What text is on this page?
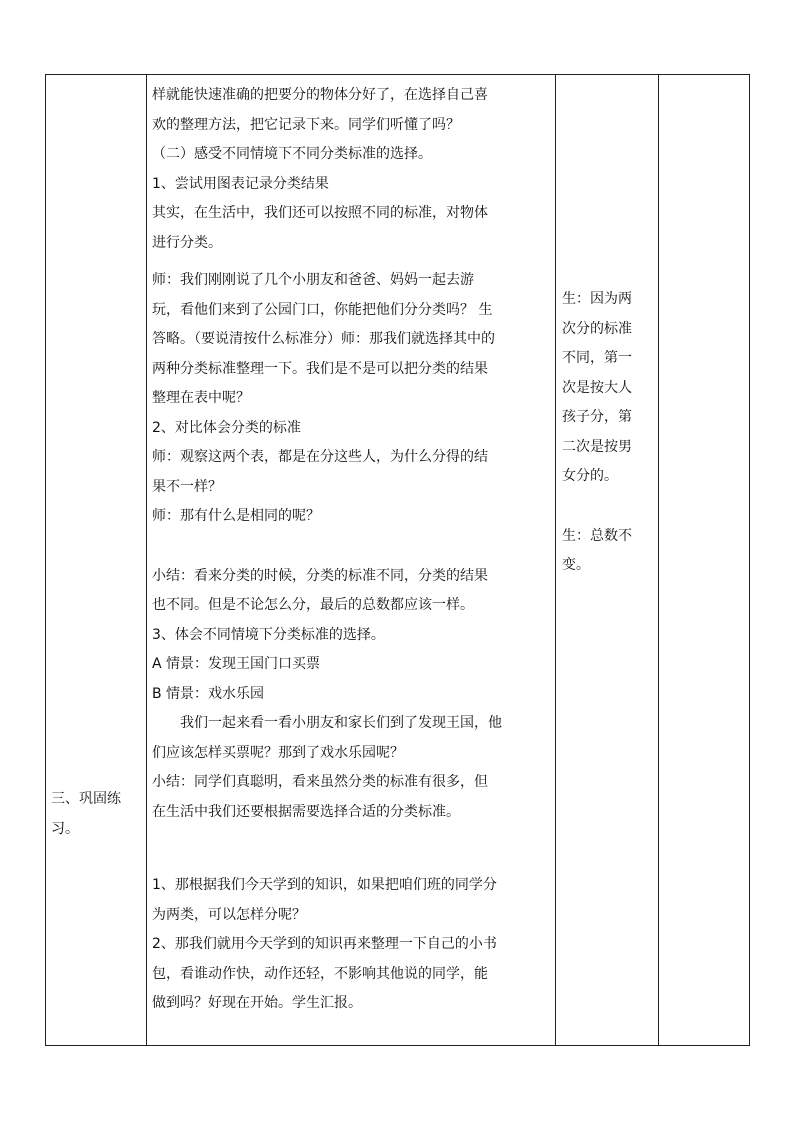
三、巩固练
习。
样就能快速准确的把要分的物体分好了，在选择自己喜
欢的整理方法，把它记录下来。同学们听懂了吗？
（二）感受不同情境下不同分类标准的选择。
1、尝试用图表记录分类结果
其实，在生活中，我们还可以按照不同的标准，对物体
进行分类。
师：我们刚刚说了几个小朋友和爸爸、妈妈一起去游
玩，看他们来到了公园门口，你能把他们分分类吗？ 生
答略。（要说清按什么标准分）师：那我们就选择其中的
两种分类标准整理一下。我们是不是可以把分类的结果
整理在表中呢？
2、对比体会分类的标准
师：观察这两个表，都是在分这些人，为什么分得的结
果不一样？
师：那有什么是相同的呢？
小结：看来分类的时候，分类的标准不同，分类的结果
也不同。但是不论怎么分，最后的总数都应该一样。
3、体会不同情境下分类标准的选择。
A 情景：发现王国门口买票
B 情景：戏水乐园
我们一起来看一看小朋友和家长们到了发现王国，他
们应该怎样买票呢？那到了戏水乐园呢？
小结：同学们真聪明，看来虽然分类的标准有很多，但
在生活中我们还要根据需要选择合适的分类标准。
1、那根据我们今天学到的知识，如果把咱们班的同学分
为两类，可以怎样分呢？
2、那我们就用今天学到的知识再来整理一下自己的小书
包，看谁动作快，动作还轻，不影响其他说的同学，能
做到吗？好现在开始。学生汇报。
生：因为两
次分的标准
不同，第一
次是按大人
孩子分，第
二次是按男
女分的。
生：总数不
变。
